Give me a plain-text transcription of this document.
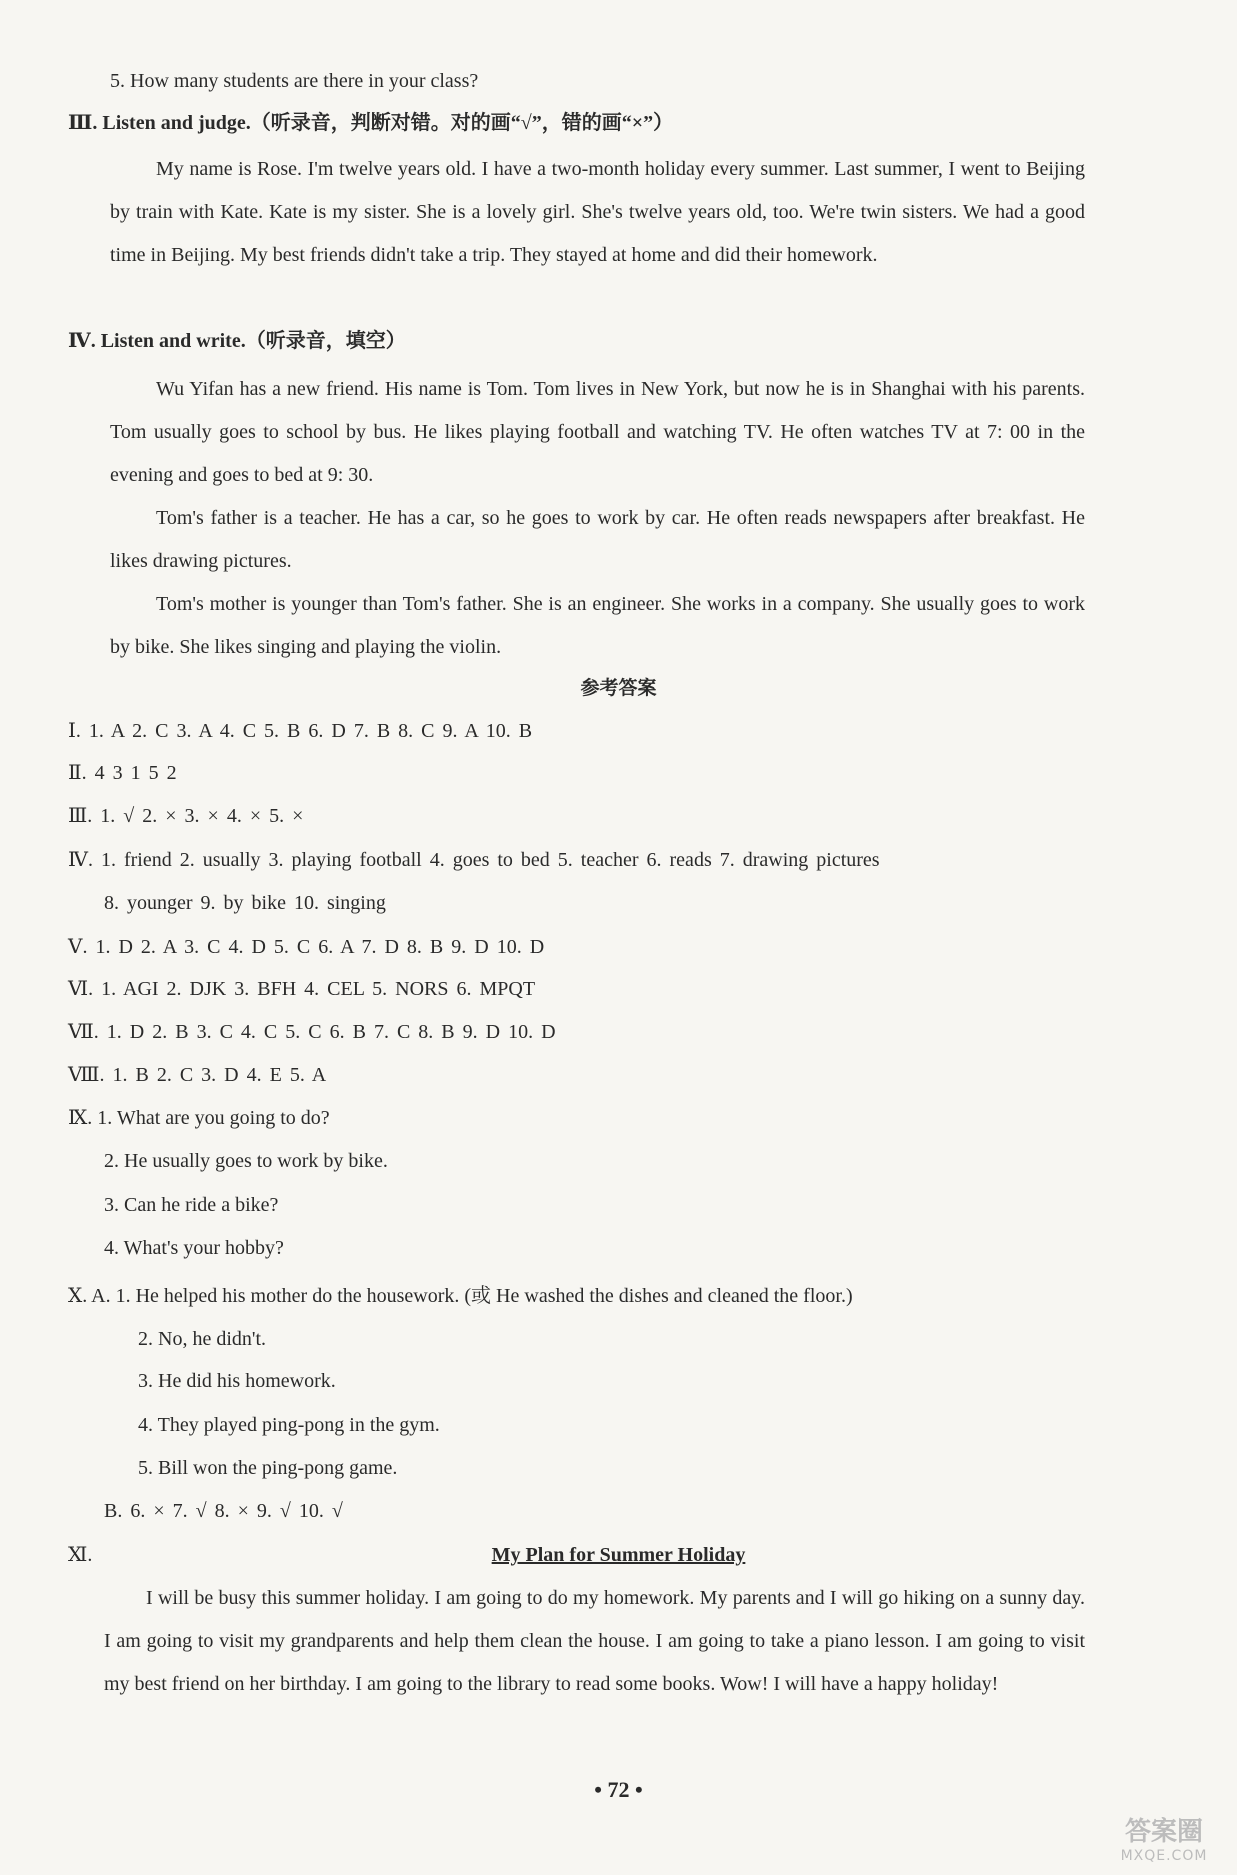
5. How many students are there in your class?
Ⅲ. Listen and judge.（听录音，判断对错。对的画“√”，错的画“×”）

My name is Rose. I'm twelve years old. I have a two-month holiday every summer. Last summer, I went to Beijing by train with Kate. Kate is my sister. She is a lovely girl. She's twelve years old, too. We're twin sisters. We had a good time in Beijing. My best friends didn't take a trip. They stayed at home and did their homework.

Ⅳ. Listen and write.（听录音，填空）

Wu Yifan has a new friend. His name is Tom. Tom lives in New York, but now he is in Shanghai with his parents. Tom usually goes to school by bus. He likes playing football and watching TV. He often watches TV at 7: 00 in the evening and goes to bed at 9: 30.

Tom's father is a teacher. He has a car, so he goes to work by car. He often reads newspapers after breakfast. He likes drawing pictures.

Tom's mother is younger than Tom's father. She is an engineer. She works in a company. She usually goes to work by bike. She likes singing and playing the violin.

参考答案
Ⅰ. 1. A 2. C 3. A 4. C 5. B 6. D 7. B 8. C 9. A 10. B
Ⅱ. 4 3 1 5 2
Ⅲ. 1. √ 2. × 3. × 4. × 5. ×
Ⅳ. 1. friend 2. usually 3. playing football 4. goes to bed 5. teacher 6. reads 7. drawing pictures
8. younger 9. by bike 10. singing
Ⅴ. 1. D 2. A 3. C 4. D 5. C 6. A 7. D 8. B 9. D 10. D
Ⅵ. 1. AGI 2. DJK 3. BFH 4. CEL 5. NORS 6. MPQT
Ⅶ. 1. D 2. B 3. C 4. C 5. C 6. B 7. C 8. B 9. D 10. D
Ⅷ. 1. B 2. C 3. D 4. E 5. A
Ⅸ. 1. What are you going to do?
2. He usually goes to work by bike.
3. Can he ride a bike?
4. What's your hobby?
Ⅹ. A. 1. He helped his mother do the housework. (或 He washed the dishes and cleaned the floor.)
2. No, he didn't.
3. He did his homework.
4. They played ping-pong in the gym.
5. Bill won the ping-pong game.
B. 6. × 7. √ 8. × 9. √ 10. √
Ⅺ.	My Plan for Summer Holiday

I will be busy this summer holiday. I am going to do my homework. My parents and I will go hiking on a sunny day. I am going to visit my grandparents and help them clean the house. I am going to take a piano lesson. I am going to visit my best friend on her birthday. I am going to the library to read some books. Wow! I will have a happy holiday!

• 72 •
答案圈
MXQE.COM
